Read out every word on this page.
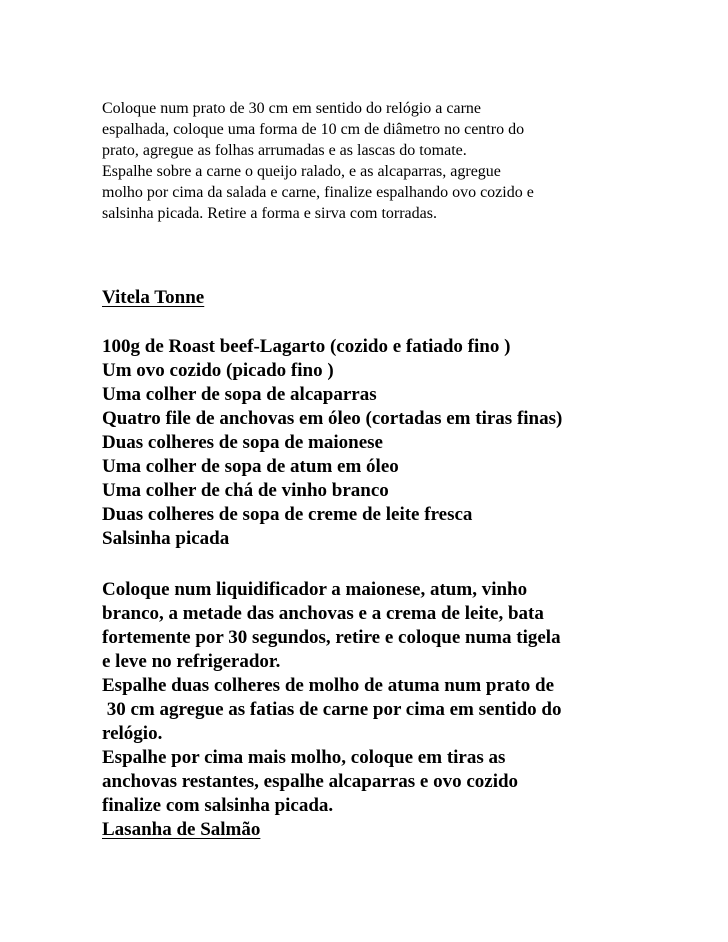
Coloque num prato de 30 cm em sentido do relógio a carne
espalhada, coloque uma forma de 10 cm de diâmetro no centro do
prato, agregue as folhas arrumadas e as lascas do tomate.
Espalhe sobre a carne o queijo ralado, e as alcaparras, agregue
molho por cima da salada e carne, finalize espalhando ovo cozido e
salsinha picada. Retire a forma e sirva com torradas.
Vitela Tonne
100g de Roast beef-Lagarto (cozido e fatiado fino )
Um ovo cozido (picado fino )
Uma colher de sopa de alcaparras
Quatro file de anchovas em óleo (cortadas em tiras finas)
Duas colheres de sopa de maionese
Uma colher de sopa de atum em óleo
Uma colher de chá de vinho branco
Duas colheres de sopa de creme de leite fresca
Salsinha picada
Coloque num liquidificador a maionese, atum, vinho
branco, a metade das anchovas e a crema de leite, bata
fortemente por 30 segundos, retire e coloque numa tigela
e leve no refrigerador.
Espalhe duas colheres de molho de atuma num prato de
30 cm agregue as fatias de carne por cima em sentido do
relógio.
Espalhe por cima mais molho, coloque em tiras as
anchovas restantes, espalhe alcaparras e ovo cozido
finalize com salsinha picada.
Lasanha de Salmão
